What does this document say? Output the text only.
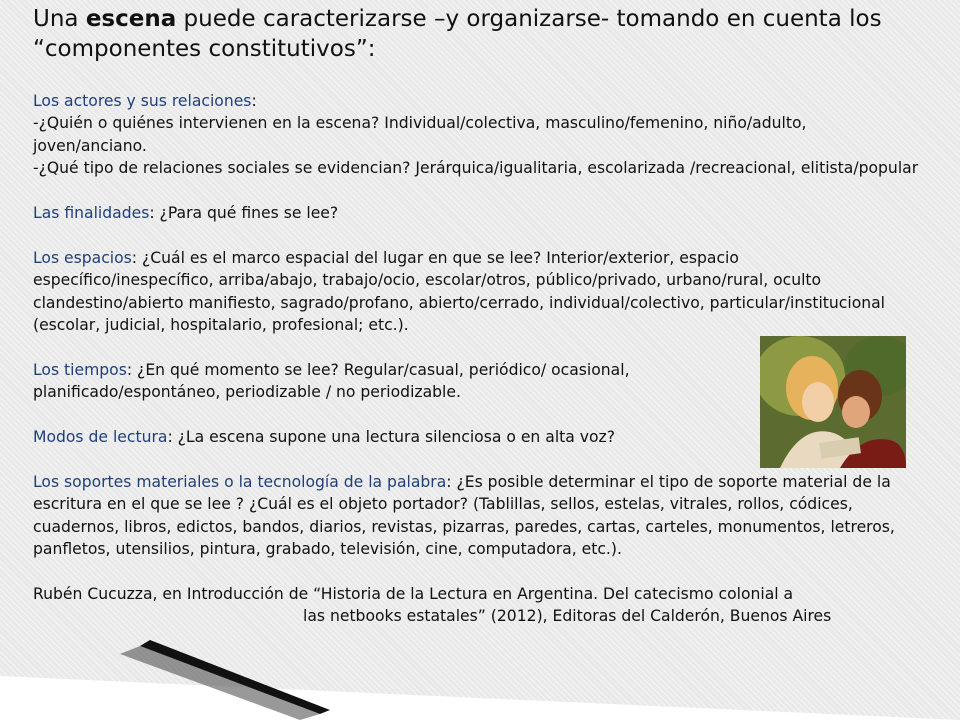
Una escena puede caracterizarse –y organizarse- tomando en cuenta los “componentes constitutivos”:

Los actores y sus relaciones:

-¿Quién o quiénes intervienen en la escena? Individual/colectiva, masculino/femenino, niño/adulto, joven/anciano.

-¿Qué tipo de relaciones sociales se evidencian? Jerárquica/igualitaria, escolarizada /recreacional, elitista/popular

Las finalidades: ¿Para qué fines se lee?

Los espacios: ¿Cuál es el marco espacial del lugar en que se lee? Interior/exterior, espacio específico/inespecífico, arriba/abajo, trabajo/ocio, escolar/otros, público/privado, urbano/rural, oculto clandestino/abierto manifiesto, sagrado/profano, abierto/cerrado, individual/colectivo, particular/institucional (escolar, judicial, hospitalario, profesional; etc.).

Los tiempos: ¿En qué momento se lee? Regular/casual, periódico/ ocasional,

planificado/espontáneo, periodizable / no periodizable.

Modos de lectura: ¿La escena supone una lectura silenciosa o en alta voz?

Los soportes materiales o la tecnología de la palabra: ¿Es posible determinar el tipo de soporte material de la escritura en el que se lee ? ¿Cuál es el objeto portador? (Tablillas, sellos, estelas, vitrales, rollos, códices, cuadernos, libros, edictos, bandos, diarios, revistas, pizarras, paredes, cartas, carteles, monumentos, letreros, panfletos, utensilios, pintura, grabado, televisión, cine, computadora, etc.).

Rubén Cucuzza, en Introducción de “Historia de la Lectura en Argentina. Del catecismo colonial a

las netbooks estatales” (2012), Editoras del Calderón, Buenos Aires
